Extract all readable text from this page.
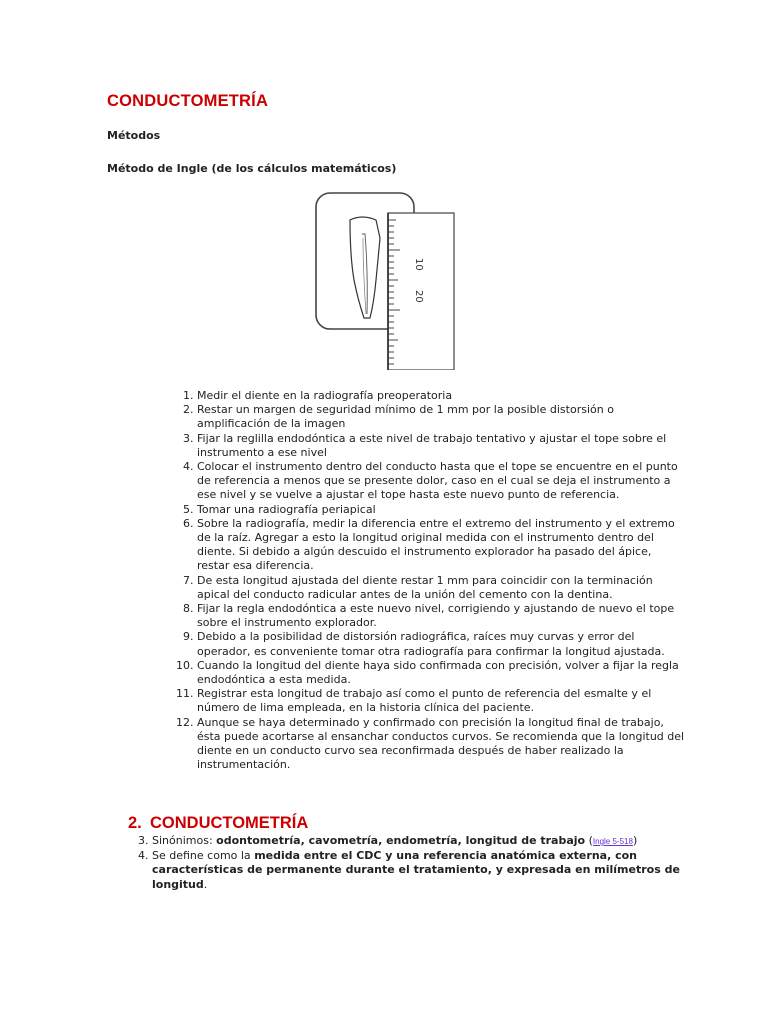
CONDUCTOMETRÍA
Métodos
Método de Ingle (de los cálculos matemáticos)
10
20
1. Medir el diente en la radiografía preoperatoria
2. Restar un margen de seguridad mínimo de 1 mm por la posible distorsión o amplificación de la imagen
3. Fijar la reglilla endodóntica a este nivel de trabajo tentativo y ajustar el tope sobre el instrumento a ese nivel
4. Colocar el instrumento dentro del conducto hasta que el tope se encuentre en el punto de referencia a menos que se presente dolor, caso en el cual se deja el instrumento a ese nivel y se vuelve a ajustar el tope hasta este nuevo punto de referencia.
5. Tomar una radiografía periapical
6. Sobre la radiografía, medir la diferencia entre el extremo del instrumento y el extremo de la raíz. Agregar a esto la longitud original medida con el instrumento dentro del diente. Si debido a algún descuido el instrumento explorador ha pasado del ápice, restar esa diferencia.
7. De esta longitud ajustada del diente restar 1 mm para coincidir con la terminación apical del conducto radicular antes de la unión del cemento con la dentina.
8. Fijar la regla endodóntica a este nuevo nivel, corrigiendo y ajustando de nuevo el tope sobre el instrumento explorador.
9. Debido a la posibilidad de distorsión radiográfica, raíces muy curvas y error del operador, es conveniente tomar otra radiografía para confirmar la longitud ajustada.
10. Cuando la longitud del diente haya sido confirmada con precisión, volver a fijar la regla endodóntica a esta medida.
11. Registrar esta longitud de trabajo así como el punto de referencia del esmalte y el número de lima empleada, en la historia clínica del paciente.
12. Aunque se haya determinado y confirmado con precisión la longitud final de trabajo, ésta puede acortarse al ensanchar conductos curvos. Se recomienda que la longitud del diente en un conducto curvo sea reconfirmada después de haber realizado la instrumentación.
2. CONDUCTOMETRÍA
3. Sinónimos: odontometría, cavometría, endometría, longitud de trabajo (Ingle 5-518)
4. Se define como la medida entre el CDC y una referencia anatómica externa, con características de permanente durante el tratamiento, y expresada en milímetros de longitud.
